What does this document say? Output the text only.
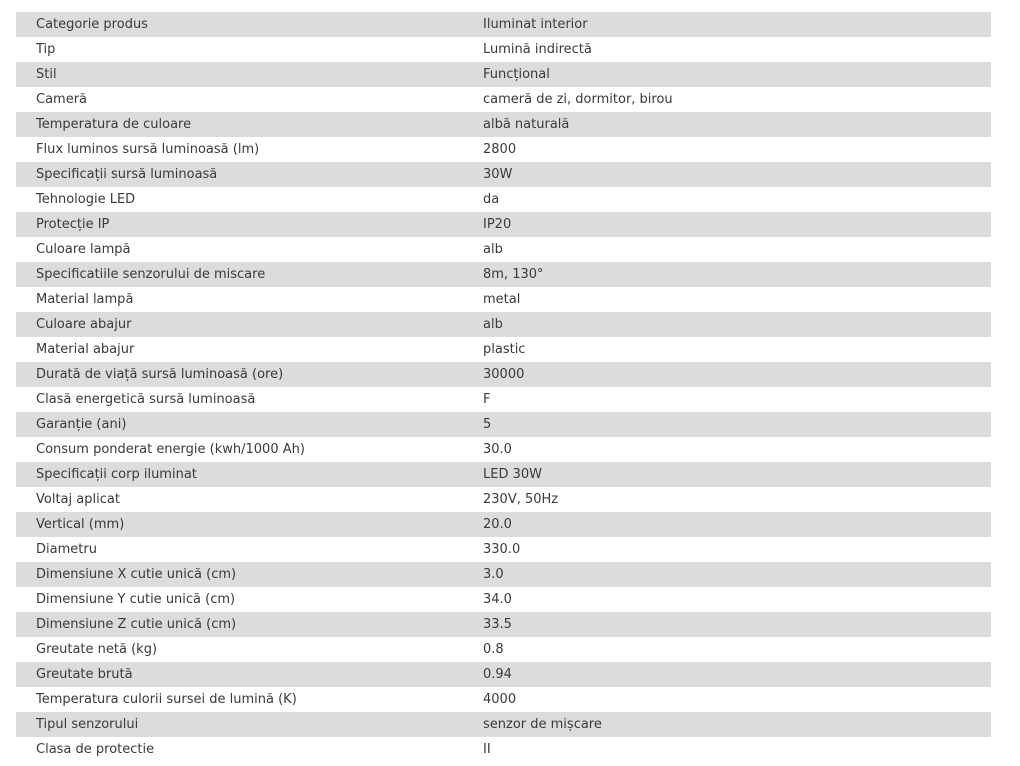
Categorie produs	Iluminat interior
Tip	Lumină indirectă
Stil	Funcțional
Cameră	cameră de zi, dormitor, birou
Temperatura de culoare	albă naturală
Flux luminos sursă luminoasă (lm)	2800
Specificații sursă luminoasă	30W
Tehnologie LED	da
Protecție IP	IP20
Culoare lampă	alb
Specificatiile senzorului de miscare	8m, 130°
Material lampă	metal
Culoare abajur	alb
Material abajur	plastic
Durată de viață sursă luminoasă (ore)	30000
Clasă energetică sursă luminoasă	F
Garanție (ani)	5
Consum ponderat energie (kwh/1000 Ah)	30.0
Specificații corp iluminat	LED 30W
Voltaj aplicat	230V, 50Hz
Vertical (mm)	20.0
Diametru	330.0
Dimensiune X cutie unică (cm)	3.0
Dimensiune Y cutie unică (cm)	34.0
Dimensiune Z cutie unică (cm)	33.5
Greutate netă (kg)	0.8
Greutate brută	0.94
Temperatura culorii sursei de lumină (K)	4000
Tipul senzorului	senzor de mișcare
Clasa de protectie	II
